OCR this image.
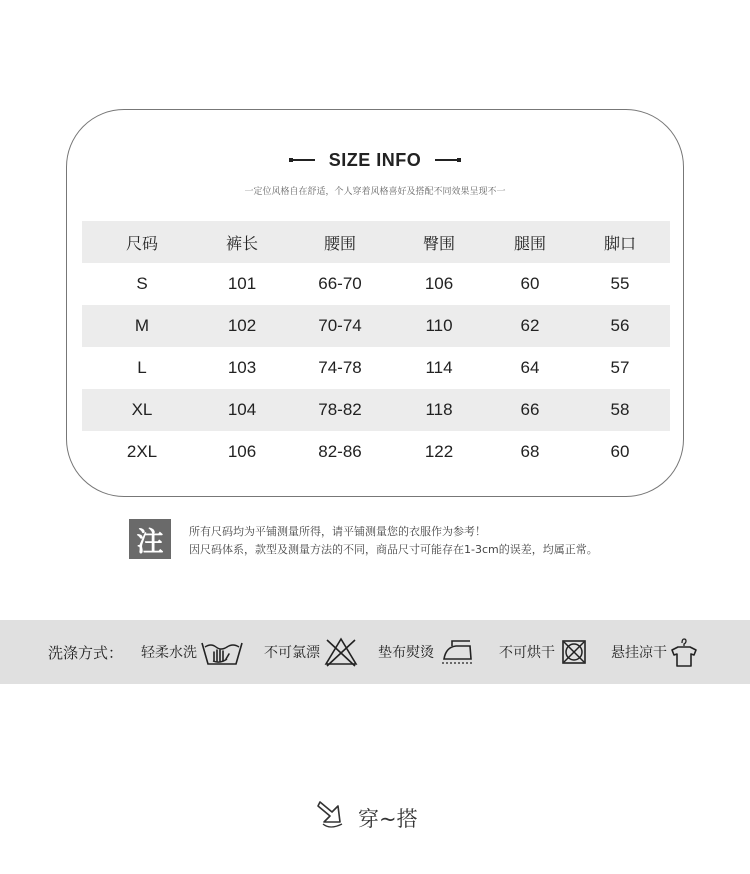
SIZE INFO
一定位风格自在舒适，个人穿着风格喜好及搭配不同效果呈现不一
尺码	裤长	腰围	臀围	腿围	脚口
S	101	66-70	106	60	55
M	102	70-74	110	62	56
L	103	74-78	114	64	57
XL	104	78-82	118	66	58
2XL	106	82-86	122	68	60
注	所有尺码均为平铺测量所得，请平铺测量您的衣服作为参考！
因尺码体系，款型及测量方法的不同，商品尺寸可能存在1-3cm的误差，均属正常。
洗涤方式： 轻柔水洗	不可氯漂	垫布熨烫	不可烘干	悬挂凉干
穿~搭
